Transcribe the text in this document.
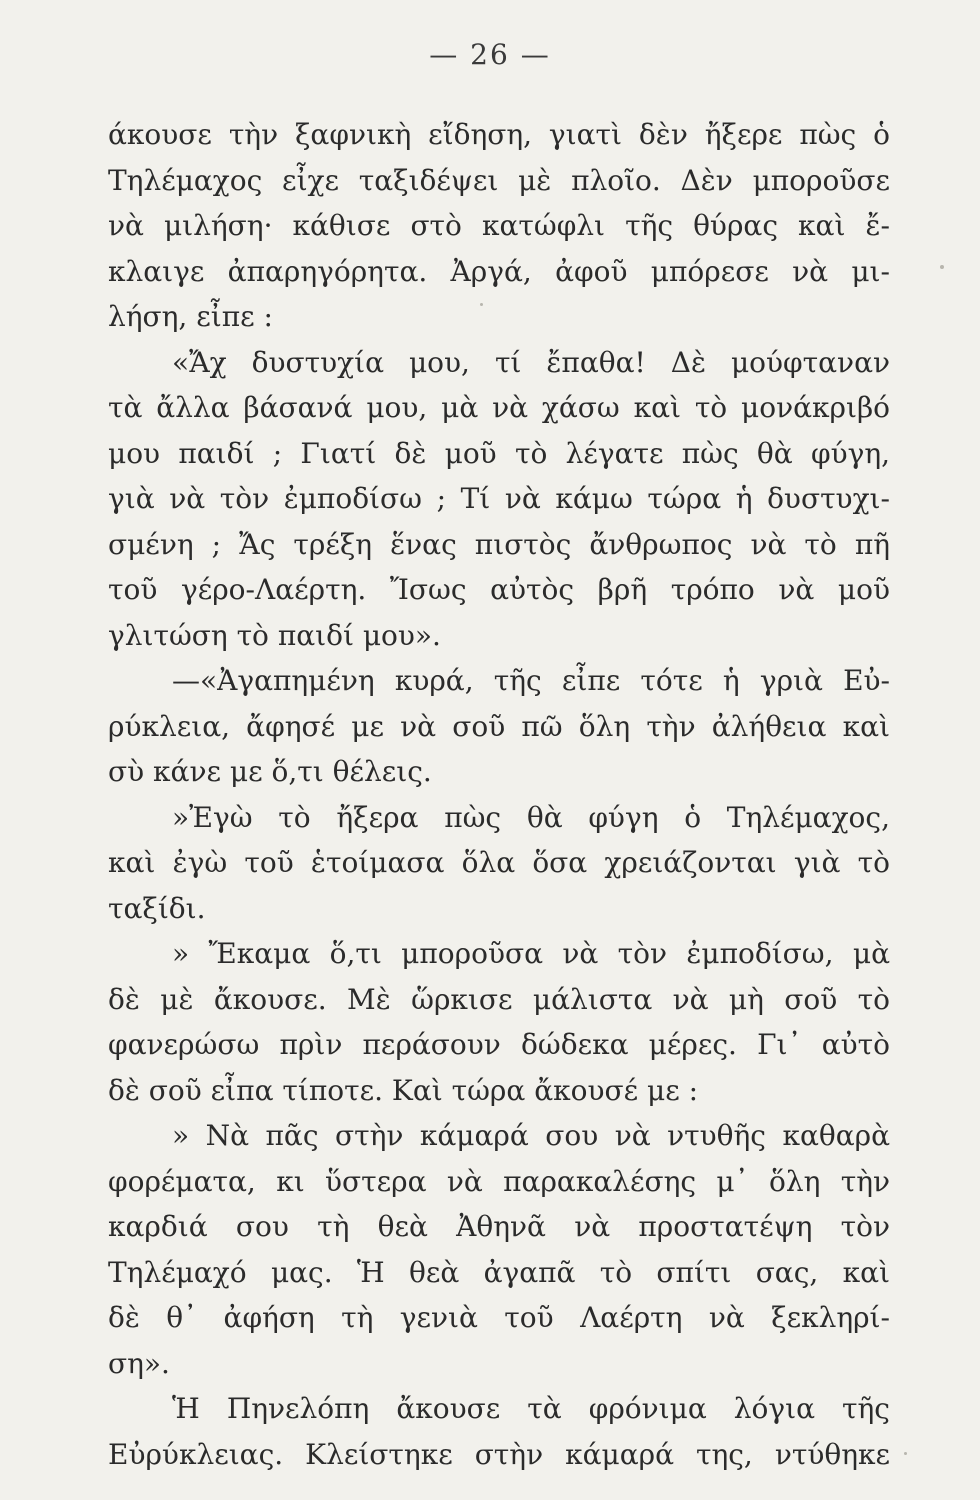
— 26 —
άκουσε τὴν ξαφνικὴ εἴδηση, γιατὶ δὲν ἤξερε πὼς ὁ
Τηλέμαχος εἶχε ταξιδέψει μὲ πλοῖο. Δὲν μποροῦσε
νὰ μιλήση· κάθισε στὸ κατώφλι τῆς θύρας καὶ ἔ-
κλαιγε ἀπαρηγόρητα. Ἀργά, ἀφοῦ μπόρεσε νὰ μι-
λήση, εἶπε :
«Ἄχ δυστυχία μου, τί ἔπαθα! Δὲ μούφταναν
τὰ ἄλλα βάσανά μου, μὰ νὰ χάσω καὶ τὸ μονάκριβό
μου παιδί ; Γιατί δὲ μοῦ τὸ λέγατε πὼς θὰ φύγη,
γιὰ νὰ τὸν ἐμποδίσω ; Τί νὰ κάμω τώρα ἡ δυστυχι-
σμένη ; Ἄς τρέξη ἕνας πιστὸς ἄνθρωπος νὰ τὸ πῆ
τοῦ γέρο-Λαέρτη. Ἴσως αὐτὸς βρῆ τρόπο νὰ μοῦ
γλιτώση τὸ παιδί μου».
—«Ἀγαπημένη κυρά, τῆς εἶπε τότε ἡ γριὰ Εὐ-
ρύκλεια, ἄφησέ με νὰ σοῦ πῶ ὅλη τὴν ἀλήθεια καὶ
σὺ κάνε με ὅ,τι θέλεις.
»Ἐγὼ τὸ ἤξερα πὼς θὰ φύγη ὁ Τηλέμαχος,
καὶ ἐγὼ τοῦ ἑτοίμασα ὅλα ὅσα χρειάζονται γιὰ τὸ
ταξίδι.
» Ἔκαμα ὅ,τι μποροῦσα νὰ τὸν ἐμποδίσω, μὰ
δὲ μὲ ἄκουσε. Μὲ ὥρκισε μάλιστα νὰ μὴ σοῦ τὸ
φανερώσω πρὶν περάσουν δώδεκα μέρες. Γι᾽ αὐτὸ
δὲ σοῦ εἶπα τίποτε. Καὶ τώρα ἄκουσέ με :
» Νὰ πᾶς στὴν κάμαρά σου νὰ ντυθῆς καθαρὰ
φορέματα, κι ὕστερα νὰ παρακαλέσης μ᾽ ὅλη τὴν
καρδιά σου τὴ θεὰ Ἀθηνᾶ νὰ προστατέψη τὸν
Τηλέμαχό μας. Ἡ θεὰ ἀγαπᾶ τὸ σπίτι σας, καὶ
δὲ θ᾽ ἀφήση τὴ γενιὰ τοῦ Λαέρτη νὰ ξεκληρί-
ση».
Ἡ Πηνελόπη ἄκουσε τὰ φρόνιμα λόγια τῆς
Εὐρύκλειας. Κλείστηκε στὴν κάμαρά της, ντύθηκε
